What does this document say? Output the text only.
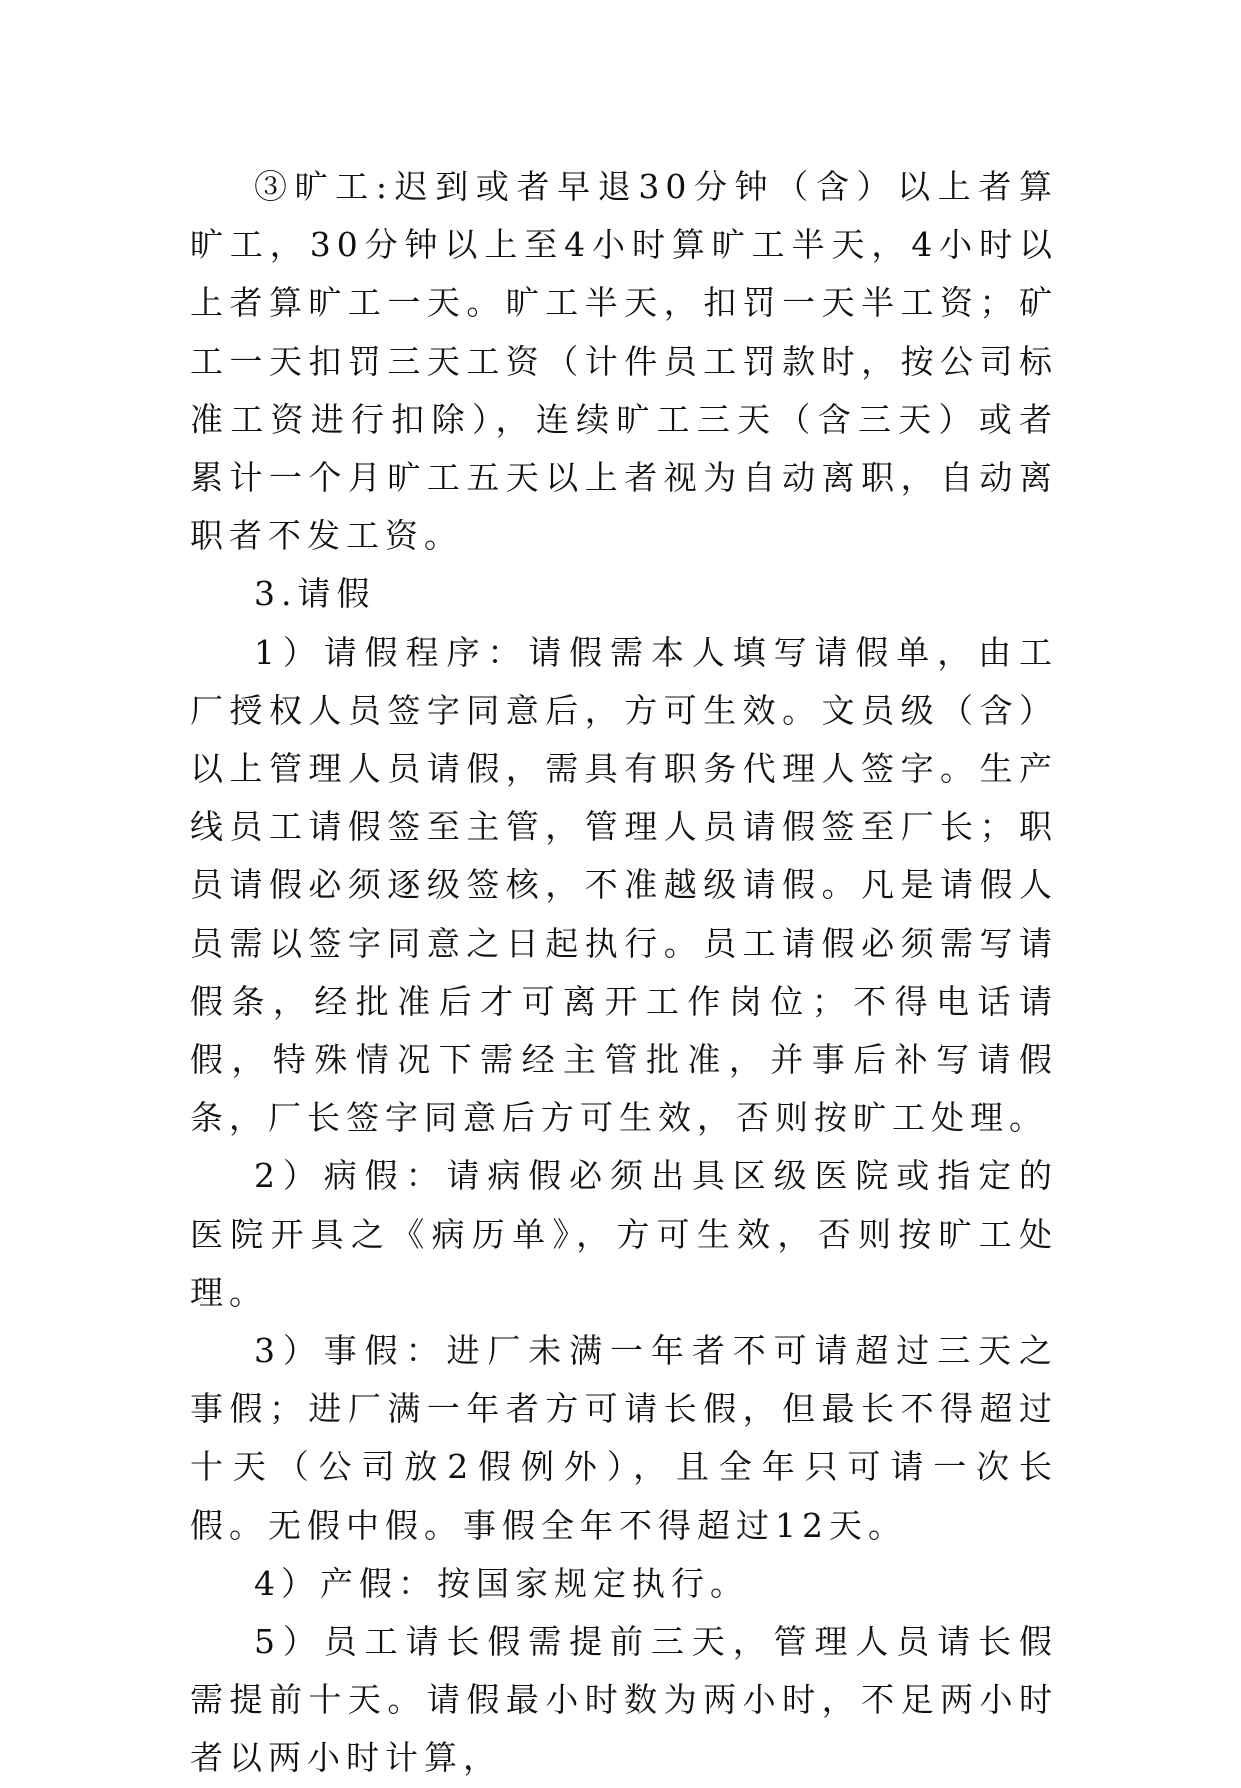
③旷工:迟到或者早退30分钟（含）以上者算旷工，30分钟以上至4小时算旷工半天，4小时以上者算旷工一天。旷工半天，扣罚一天半工资；矿工一天扣罚三天工资（计件员工罚款时，按公司标准工资进行扣除），连续旷工三天（含三天）或者累计一个月旷工五天以上者视为自动离职，自动离职者不发工资。

3.请假

1）请假程序：请假需本人填写请假单，由工厂授权人员签字同意后，方可生效。文员级（含）以上管理人员请假，需具有职务代理人签字。生产线员工请假签至主管，管理人员请假签至厂长；职员请假必须逐级签核，不准越级请假。凡是请假人员需以签字同意之日起执行。员工请假必须需写请假条，经批准后才可离开工作岗位；不得电话请假，特殊情况下需经主管批准，并事后补写请假条，厂长签字同意后方可生效，否则按旷工处理。

2）病假：请病假必须出具区级医院或指定的医院开具之《病历单》，方可生效，否则按旷工处理。

3）事假：进厂未满一年者不可请超过三天之事假；进厂满一年者方可请长假，但最长不得超过十天（公司放2假例外），且全年只可请一次长假。无假中假。事假全年不得超过12天。

4）产假：按国家规定执行。

5）员工请长假需提前三天，管理人员请长假需提前十天。请假最小时数为两小时，不足两小时者以两小时计算，
